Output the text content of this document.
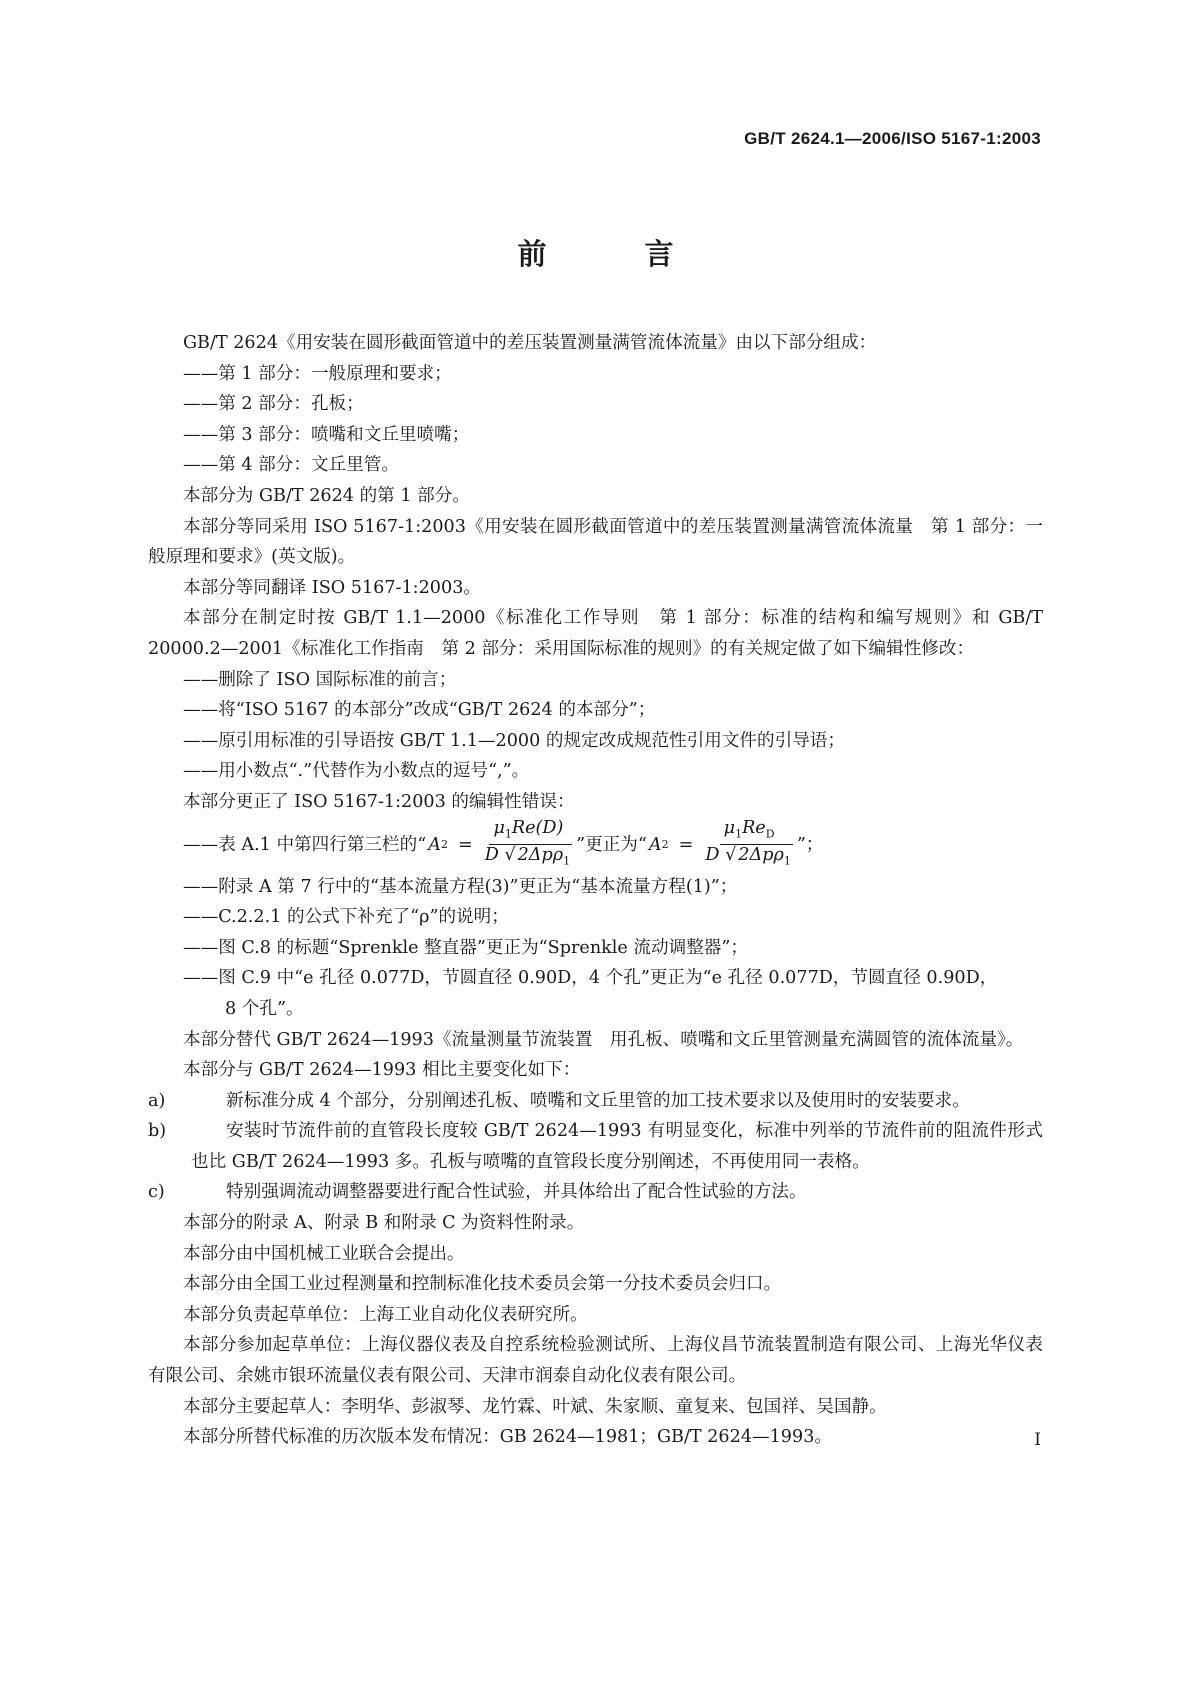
GB/T 2624.1—2006/ISO 5167-1:2003
前 言

GB/T 2624《用安装在圆形截面管道中的差压装置测量满管流体流量》由以下部分组成：

——第 1 部分：一般原理和要求；

——第 2 部分：孔板；

——第 3 部分：喷嘴和文丘里喷嘴；

——第 4 部分：文丘里管。

本部分为 GB/T 2624 的第 1 部分。

本部分等同采用 ISO 5167-1:2003《用安装在圆形截面管道中的差压装置测量满管流体流量　第 1 部分：一般原理和要求》(英文版)。

本部分等同翻译 ISO 5167-1:2003。

本部分在制定时按 GB/T 1.1—2000《标准化工作导则　第 1 部分：标准的结构和编写规则》和 GB/T 20000.2—2001《标准化工作指南　第 2 部分：采用国际标准的规则》的有关规定做了如下编辑性修改：

——删除了 ISO 国际标准的前言；

——将“ISO 5167 的本部分”改成“GB/T 2624 的本部分”；

——原引用标准的引导语按 GB/T 1.1—2000 的规定改成规范性引用文件的引导语；

——用小数点“.”代替作为小数点的逗号“,”。

本部分更正了 ISO 5167-1:2003 的编辑性错误：

——表 A.1 中第四行第三栏的“ A $2 = \frac{\mu_1Re(D)}{D √ 2\Delta p\rho_1}$ ”更正为“ A $2 = \frac{\mu_1Re_D}{D √ 2\Delta p\rho_1}$ ”；

——附录 A 第 7 行中的“基本流量方程(3)”更正为“基本流量方程(1)”；

——C.2.2.1 的公式下补充了“ρ”的说明；

——图 C.8 的标题“Sprenkle 整直器”更正为“Sprenkle 流动调整器”；

——图 C.9 中“e 孔径 0.077D，节圆直径 0.90D，4 个孔”更正为“e 孔径 0.077D，节圆直径 0.90D，
8 个孔”。

本部分替代 GB/T 2624—1993《流量测量节流装置　用孔板、喷嘴和文丘里管测量充满圆管的流体流量》。

本部分与 GB/T 2624—1993 相比主要变化如下：

a)	新标准分成 4 个部分，分别阐述孔板、喷嘴和文丘里管的加工技术要求以及使用时的安装要求。
b)	安装时节流件前的直管段长度较 GB/T 2624—1993 有明显变化，标准中列举的节流件前的阻流件形式也比 GB/T 2624—1993 多。孔板与喷嘴的直管段长度分别阐述，不再使用同一表格。
c)	特别强调流动调整器要进行配合性试验，并具体给出了配合性试验的方法。

本部分的附录 A、附录 B 和附录 C 为资料性附录。

本部分由中国机械工业联合会提出。

本部分由全国工业过程测量和控制标准化技术委员会第一分技术委员会归口。

本部分负责起草单位：上海工业自动化仪表研究所。

本部分参加起草单位：上海仪器仪表及自控系统检验测试所、上海仪昌节流装置制造有限公司、上海光华仪表有限公司、余姚市银环流量仪表有限公司、天津市润泰自动化仪表有限公司。

本部分主要起草人：李明华、彭淑琴、龙竹霖、叶斌、朱家顺、童复来、包国祥、吴国静。

本部分所替代标准的历次版本发布情况：GB 2624—1981；GB/T 2624—1993。	I
